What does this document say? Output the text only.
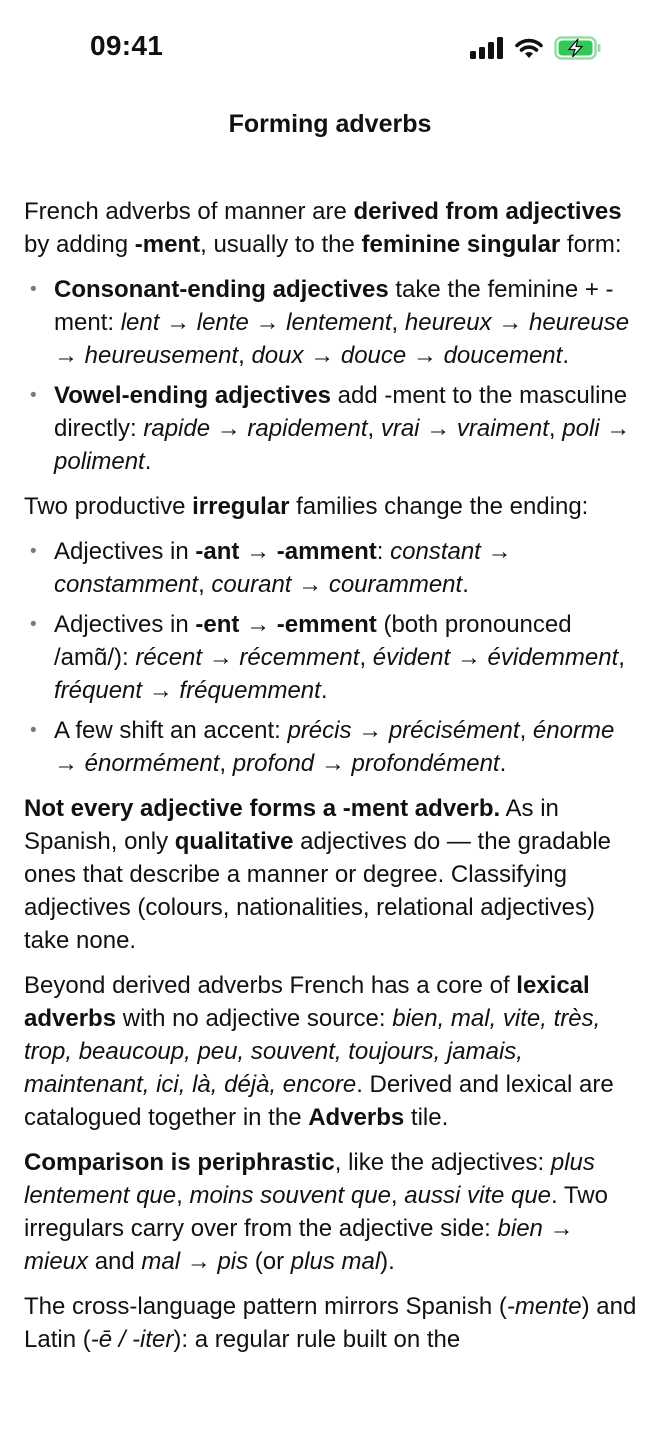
09:41
Forming adverbs

French adverbs of manner are derived from adjectives by adding -ment, usually to the feminine singular form:

• Consonant-ending adjectives take the feminine + -ment: lent → lente → lentement, heureux → heureuse → heureusement, doux → douce → doucement.
• Vowel-ending adjectives add -ment to the masculine directly: rapide → rapidement, vrai → vraiment, poli → poliment.

Two productive irregular families change the ending:

• Adjectives in -ant → -amment: constant → constamment, courant → couramment.
• Adjectives in -ent → -emment (both pronounced /amɑ̃/): récent → récemment, évident → évidemment, fréquent → fréquemment.
• A few shift an accent: précis → précisément, énorme → énormément, profond → profondément.

Not every adjective forms a -ment adverb. As in Spanish, only qualitative adjectives do — the gradable ones that describe a manner or degree. Classifying adjectives (colours, nationalities, relational adjectives) take none.

Beyond derived adverbs French has a core of lexical adverbs with no adjective source: bien, mal, vite, très, trop, beaucoup, peu, souvent, toujours, jamais, maintenant, ici, là, déjà, encore. Derived and lexical are catalogued together in the Adverbs tile.

Comparison is periphrastic, like the adjectives: plus lentement que, moins souvent que, aussi vite que. Two irregulars carry over from the adjective side: bien → mieux and mal → pis (or plus mal).

The cross-language pattern mirrors Spanish (-mente) and Latin (-ē / -iter): a regular rule built on the
